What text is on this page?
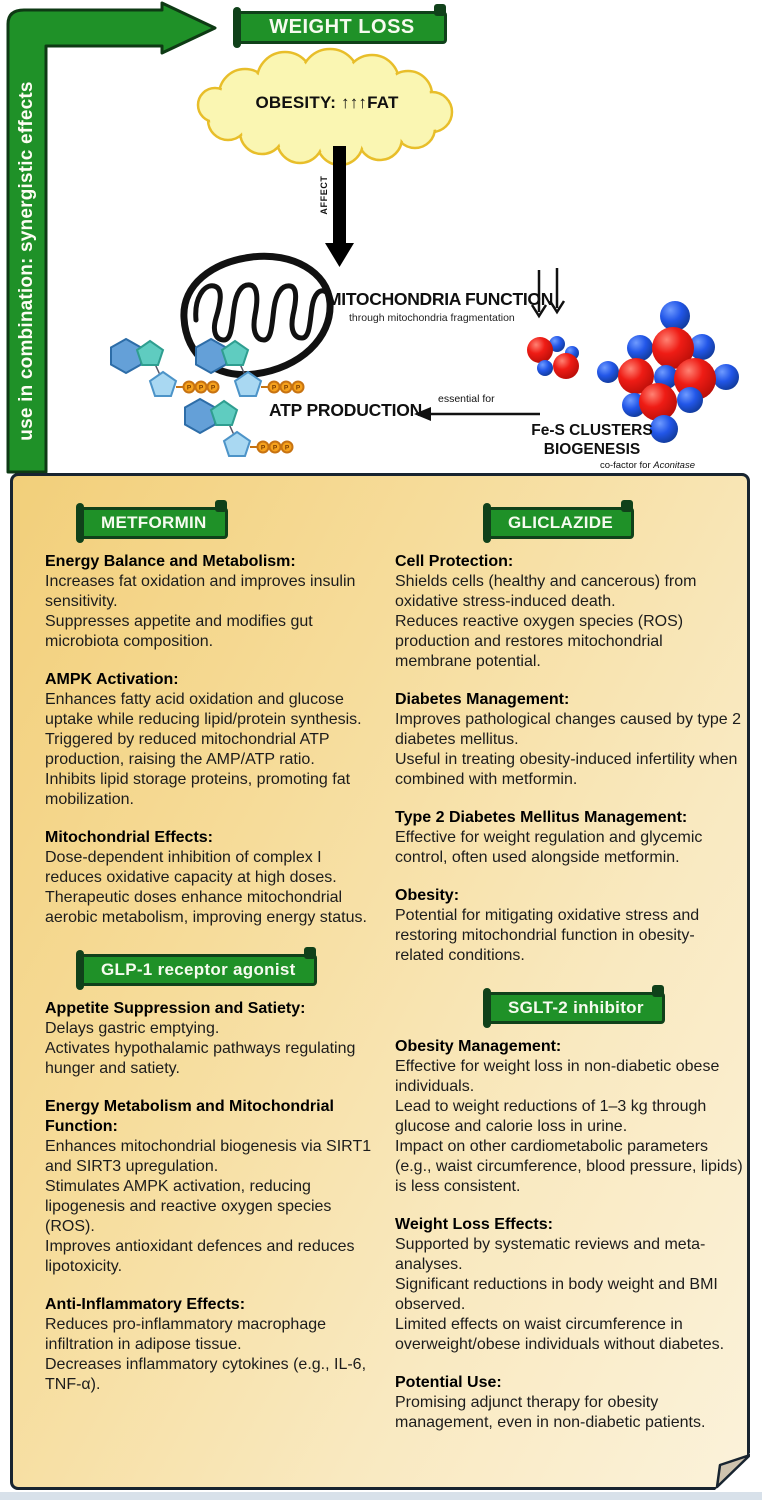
P P P
use in combination: synergistic effects
WEIGHT LOSS
OBESITY: ↑↑↑FAT
AFFECT
MITOCHONDRIA FUNCTION
through mitochondria fragmentation
ATP PRODUCTION
essential for
Fe-S CLUSTERS
BIOGENESIS
co-factor for Aconitase
METFORMIN

Energy Balance and Metabolism:

Increases fat oxidation and improves insulin sensitivity.

Suppresses appetite and modifies gut microbiota composition.

AMPK Activation:

Enhances fatty acid oxidation and glucose uptake while reducing lipid/protein synthesis.

Triggered by reduced mitochondrial ATP production, raising the AMP/ATP ratio.

Inhibits lipid storage proteins, promoting fat mobilization.

Mitochondrial Effects:

Dose-dependent inhibition of complex I reduces oxidative capacity at high doses.

Therapeutic doses enhance mitochondrial aerobic metabolism, improving energy status.

GLP-1 receptor agonist

Appetite Suppression and Satiety:

Delays gastric emptying.

Activates hypothalamic pathways regulating hunger and satiety.

Energy Metabolism and Mitochondrial Function:

Enhances mitochondrial biogenesis via SIRT1 and SIRT3 upregulation.

Stimulates AMPK activation, reducing lipogenesis and reactive oxygen species (ROS).

Improves antioxidant defences and reduces lipotoxicity.

Anti-Inflammatory Effects:

Reduces pro-inflammatory macrophage infiltration in adipose tissue.

Decreases inflammatory cytokines (e.g., IL-6, TNF-α).

GLICLAZIDE

Cell Protection:

Shields cells (healthy and cancerous) from oxidative stress-induced death.

Reduces reactive oxygen species (ROS) production and restores mitochondrial membrane potential.

Diabetes Management:

Improves pathological changes caused by type 2 diabetes mellitus.

Useful in treating obesity-induced infertility when combined with metformin.

Type 2 Diabetes Mellitus Management:

Effective for weight regulation and glycemic control, often used alongside metformin.

Obesity:

Potential for mitigating oxidative stress and restoring mitochondrial function in obesity-related conditions.

SGLT-2 inhibitor

Obesity Management:

Effective for weight loss in non-diabetic obese individuals.

Lead to weight reductions of 1–3 kg through glucose and calorie loss in urine.

Impact on other cardiometabolic parameters (e.g., waist circumference, blood pressure, lipids) is less consistent.

Weight Loss Effects:

Supported by systematic reviews and meta-analyses.

Significant reductions in body weight and BMI observed.

Limited effects on waist circumference in overweight/obese individuals without diabetes.

Potential Use:

Promising adjunct therapy for obesity management, even in non-diabetic patients.
